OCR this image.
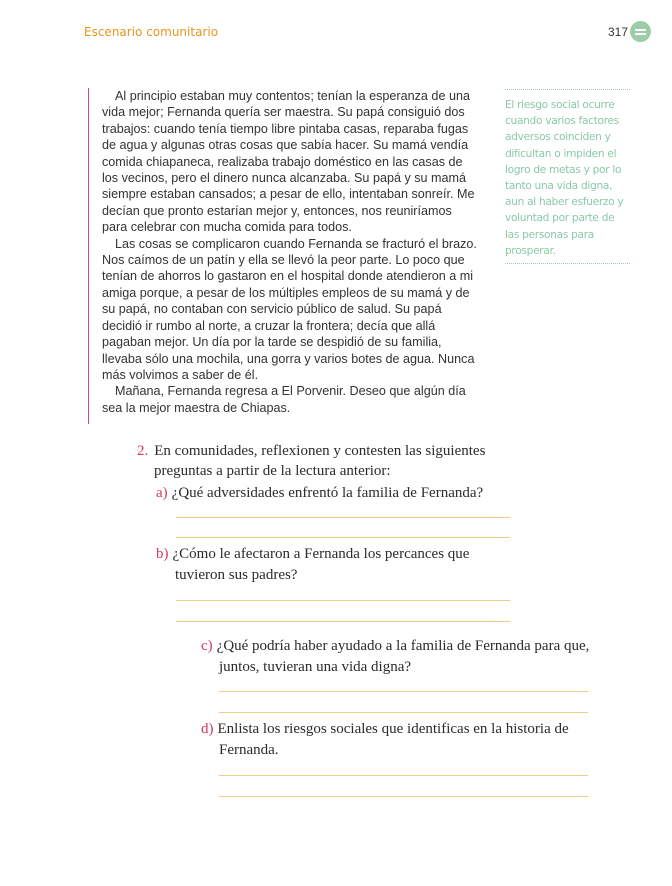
Escenario comunitario	317

Al principio estaban muy contentos; tenían la esperanza de una vida mejor; Fernanda quería ser maestra. Su papá consiguió dos trabajos: cuando tenía tiempo libre pintaba casas, reparaba fugas de agua y algunas otras cosas que sabía hacer. Su mamá vendía comida chiapaneca, realizaba trabajo doméstico en las casas de los vecinos, pero el dinero nunca alcanzaba. Su papá y su mamá siempre estaban cansados; a pesar de ello, intentaban sonreír. Me decían que pronto estarían mejor y, entonces, nos reuniríamos para celebrar con mucha comida para todos.

Las cosas se complicaron cuando Fernanda se fracturó el brazo. Nos caímos de un patín y ella se llevó la peor parte. Lo poco que tenían de ahorros lo gastaron en el hospital donde atendieron a mi amiga porque, a pesar de los múltiples empleos de su mamá y de su papá, no contaban con servicio público de salud. Su papá decidió ir rumbo al norte, a cruzar la frontera; decía que allá pagaban mejor. Un día por la tarde se despidió de su familia, llevaba sólo una mochila, una gorra y varios botes de agua. Nunca más volvimos a saber de él.

Mañana, Fernanda regresa a El Porvenir. Deseo que algún día sea la mejor maestra de Chiapas.

El riesgo social ocurre cuando varios factores adversos coinciden y dificultan o impiden el logro de metas y por lo tanto una vida digna, aun al haber esfuerzo y voluntad por parte de las personas para prosperar.

2. En comunidades, reflexionen y contesten las siguientes
preguntas a partir de la lectura anterior:
a) ¿Qué adversidades enfrentó la familia de Fernanda?
b) ¿Cómo le afectaron a Fernanda los percances que
tuvieron sus padres?
c) ¿Qué podría haber ayudado a la familia de Fernanda para que,
juntos, tuvieran una vida digna?
d) Enlista los riesgos sociales que identificas en la historia de
Fernanda.
